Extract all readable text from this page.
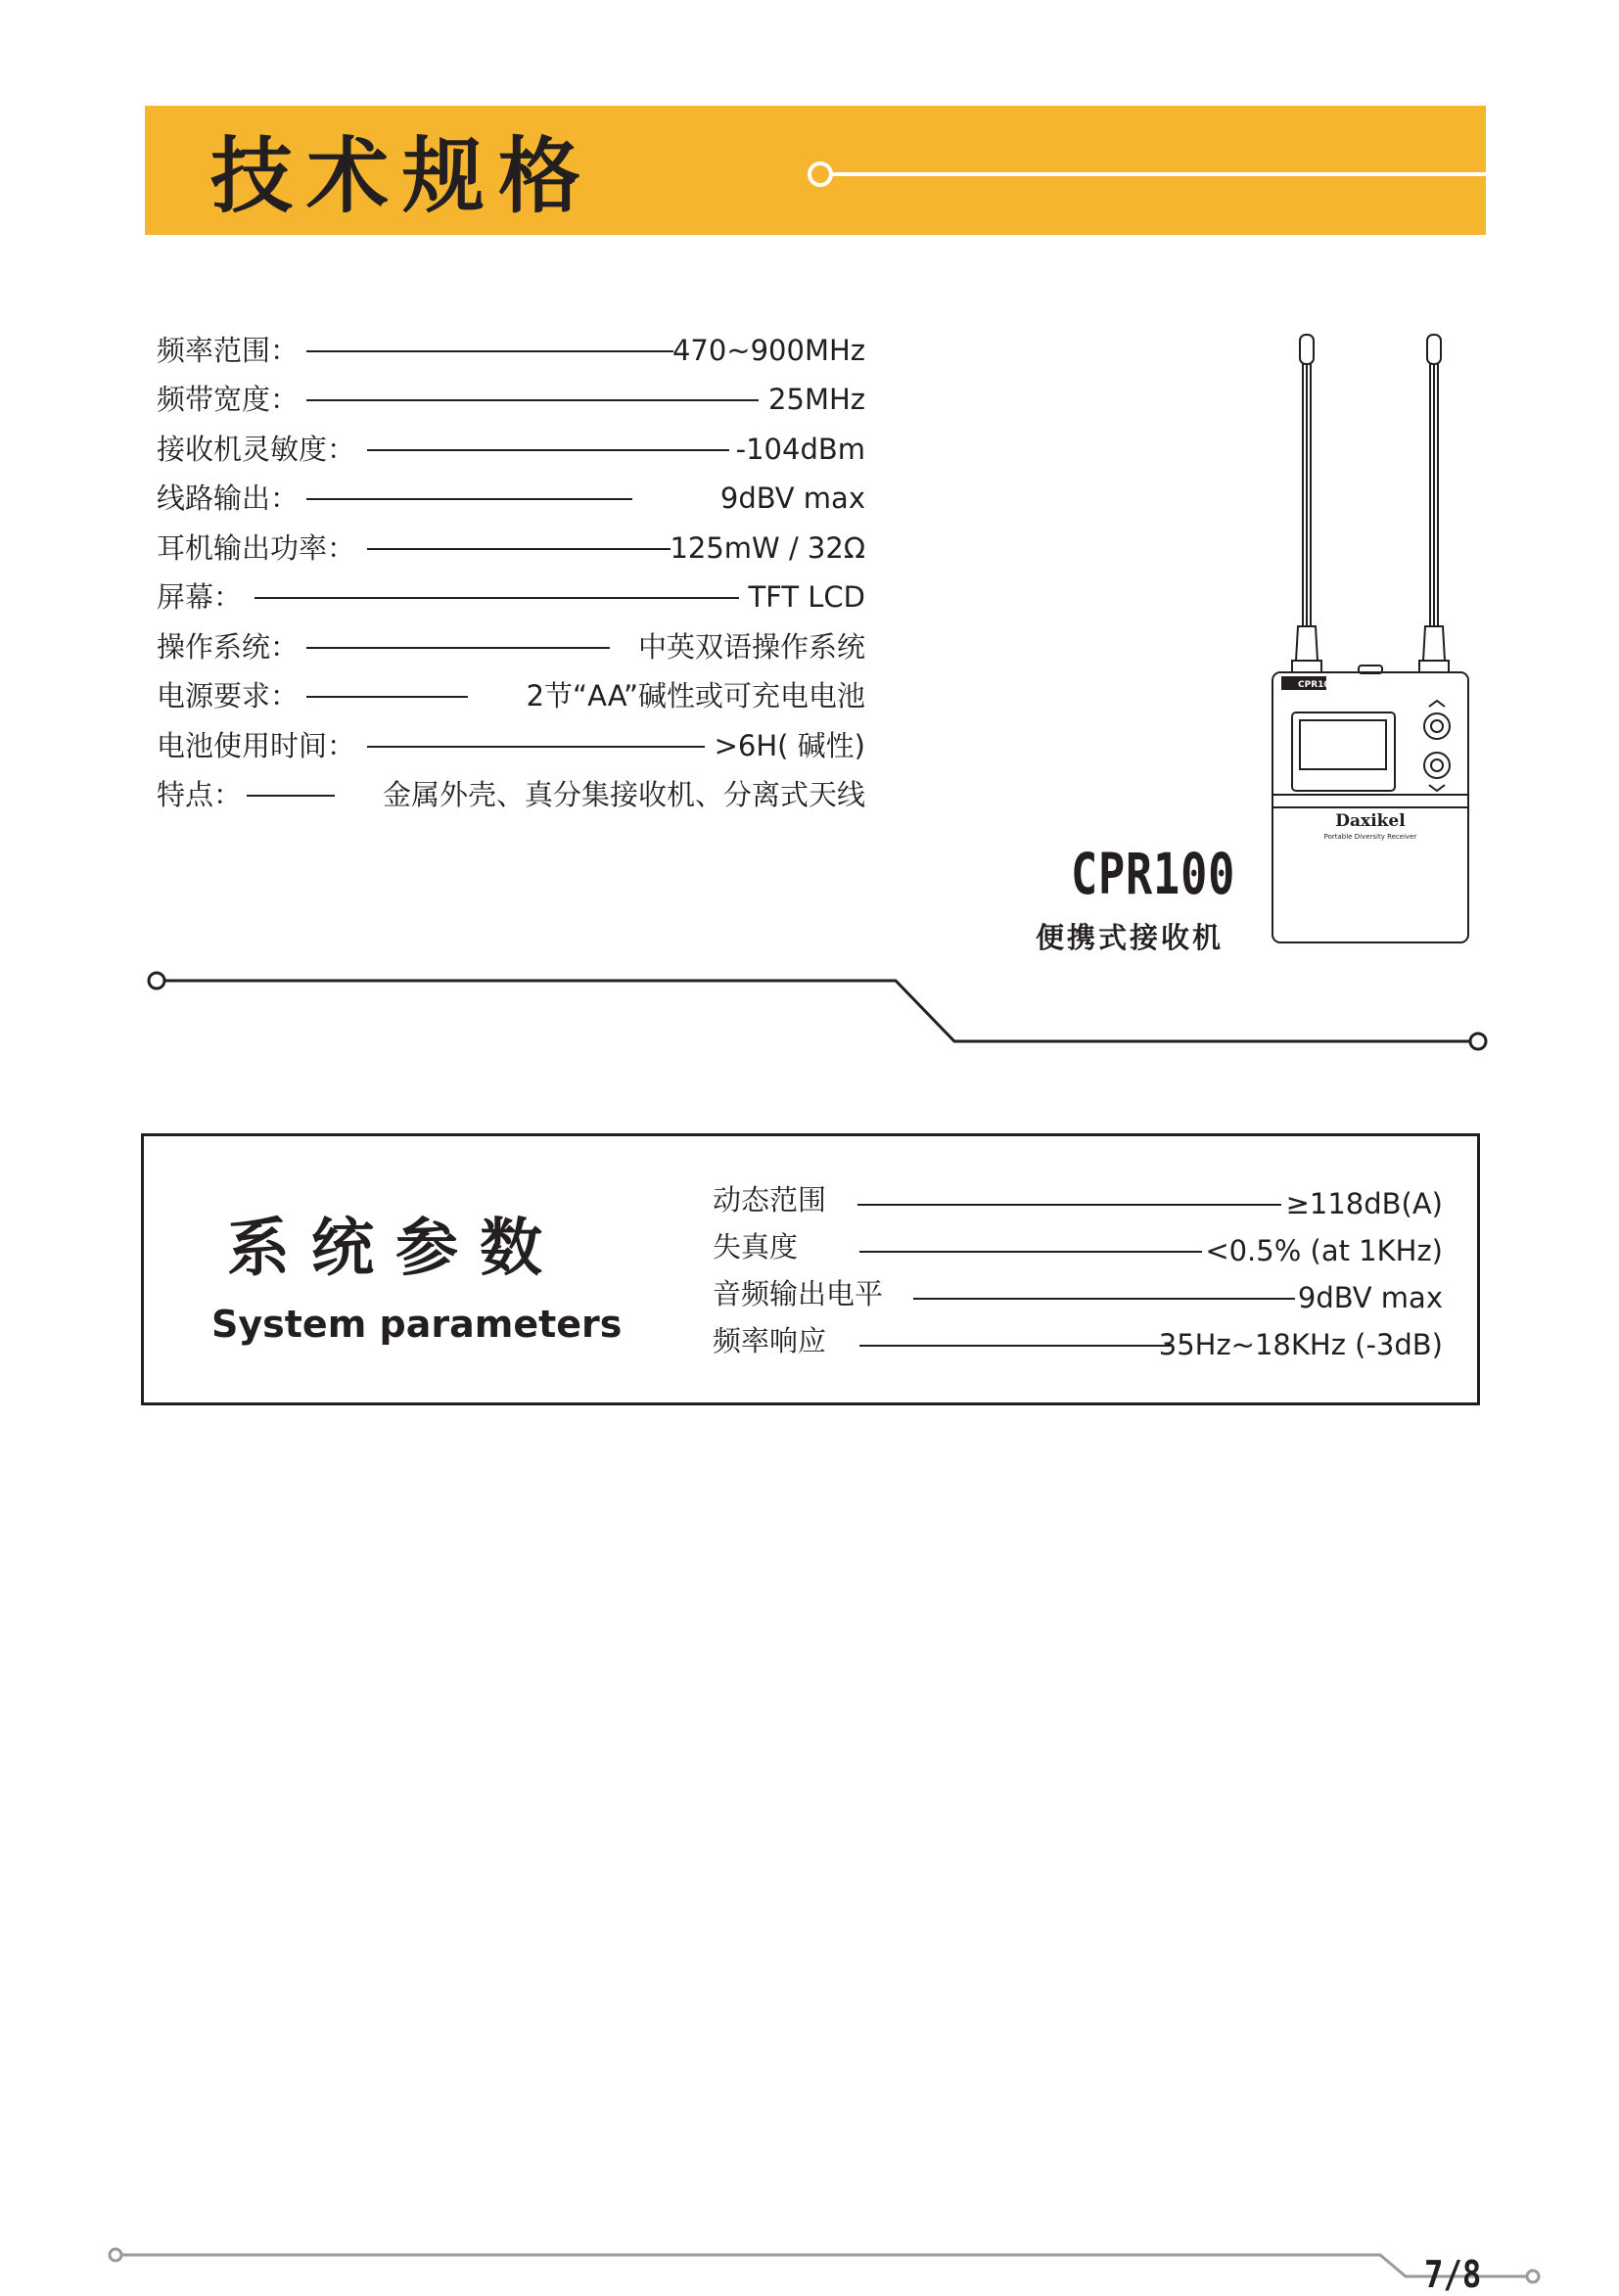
技术规格
频率范围：	470~900MHz
频带宽度：	25MHz
接收机灵敏度：	-104dBm
线路输出：	9dBV max
耳机输出功率：	125mW / 32Ω
屏幕：	TFT LCD
操作系统：	中英双语操作系统
电源要求：	2节“AA”碱性或可充电电池
电池使用时间：	>6H( 碱性)
特点：	金属外壳、真分集接收机、分离式天线
CPR100
Daxikel
Portable Diversity Receiver
CPR100
便携式接收机
系统参数
System parameters
动态范围	≥118dB(A)
失真度	<0.5% (at 1KHz)
音频输出电平	9dBV max
频率响应	35Hz~18KHz (-3dB)
7/8
